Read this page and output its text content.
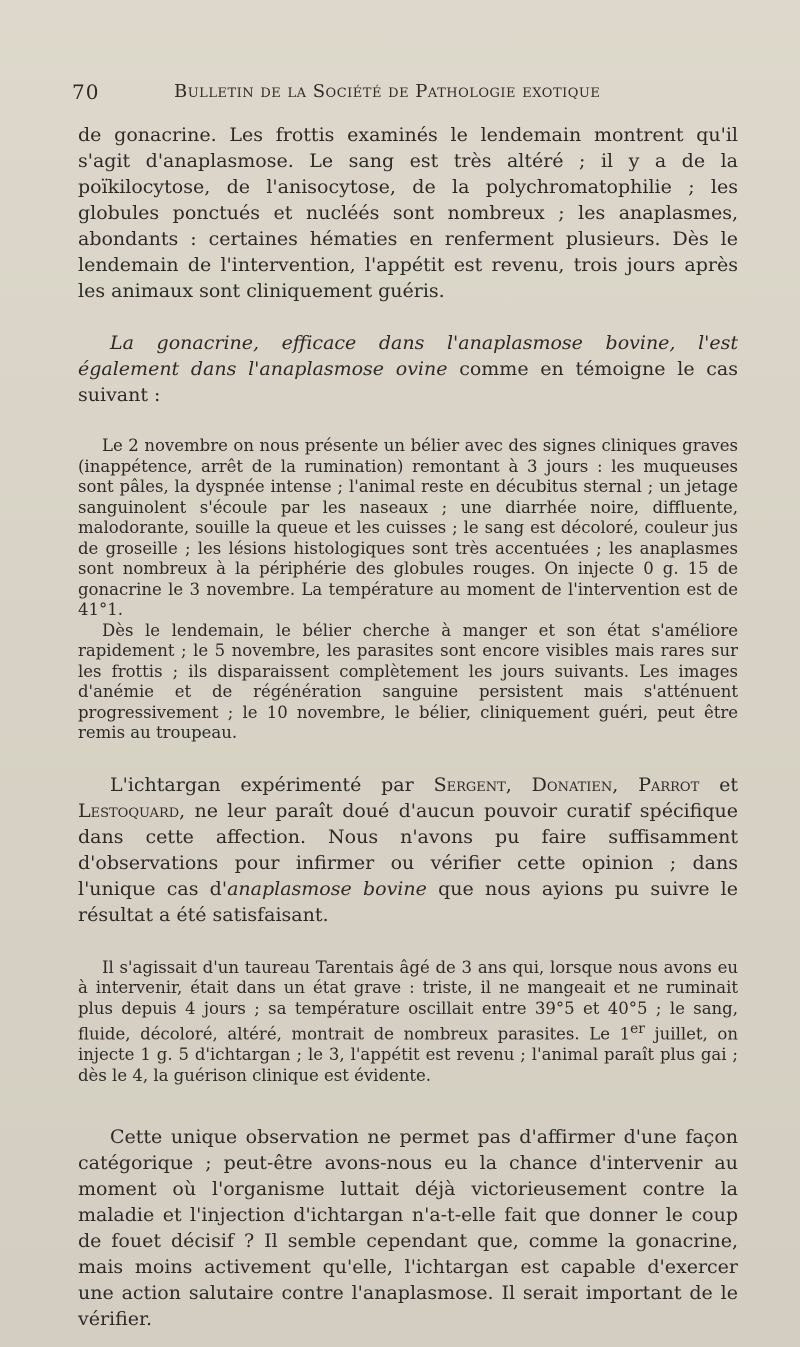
70	Bulletin de la Société de Pathologie exotique

de gonacrine. Les frottis examinés le lendemain montrent qu'il s'agit d'anaplasmose. Le sang est très altéré ; il y a de la poïkilocytose, de l'anisocytose, de la polychromatophilie ; les globules ponctués et nucléés sont nombreux ; les anaplasmes, abondants : certaines hématies en renferment plusieurs. Dès le lendemain de l'intervention, l'appétit est revenu, trois jours après les animaux sont cliniquement guéris.

La gonacrine, efficace dans l'anaplasmose bovine, l'est également dans l'anaplasmose ovine comme en témoigne le cas suivant :

Le 2 novembre on nous présente un bélier avec des signes cliniques graves (inappétence, arrêt de la rumination) remontant à 3 jours : les muqueuses sont pâles, la dyspnée intense ; l'animal reste en décubitus sternal ; un jetage sanguinolent s'écoule par les naseaux ; une diarrhée noire, diffluente, malodorante, souille la queue et les cuisses ; le sang est décoloré, couleur jus de groseille ; les lésions histologiques sont très accentuées ; les anaplasmes sont nombreux à la périphérie des globules rouges. On injecte 0 g. 15 de gonacrine le 3 novembre. La température au moment de l'intervention est de 41°1.

Dès le lendemain, le bélier cherche à manger et son état s'améliore rapidement ; le 5 novembre, les parasites sont encore visibles mais rares sur les frottis ; ils disparaissent complètement les jours suivants. Les images d'anémie et de régénération sanguine persistent mais s'atténuent progressivement ; le 10 novembre, le bélier, cliniquement guéri, peut être remis au troupeau.

L'ichtargan expérimenté par Sergent, Donatien, Parrot et Lestoquard, ne leur paraît doué d'aucun pouvoir curatif spécifique dans cette affection. Nous n'avons pu faire suffisamment d'observations pour infirmer ou vérifier cette opinion ; dans l'unique cas d'anaplasmose bovine que nous ayions pu suivre le résultat a été satisfaisant.

Il s'agissait d'un taureau Tarentais âgé de 3 ans qui, lorsque nous avons eu à intervenir, était dans un état grave : triste, il ne mangeait et ne ruminait plus depuis 4 jours ; sa température oscillait entre 39°5 et 40°5 ; le sang, fluide, décoloré, altéré, montrait de nombreux parasites. Le 1er juillet, on injecte 1 g. 5 d'ichtargan ; le 3, l'appétit est revenu ; l'animal paraît plus gai ; dès le 4, la guérison clinique est évidente.

Cette unique observation ne permet pas d'affirmer d'une façon catégorique ; peut-être avons-nous eu la chance d'intervenir au moment où l'organisme luttait déjà victorieusement contre la maladie et l'injection d'ichtargan n'a-t-elle fait que donner le coup de fouet décisif ? Il semble cependant que, comme la gonacrine, mais moins activement qu'elle, l'ichtargan est capable d'exercer une action salutaire contre l'anaplasmose. Il serait important de le vérifier.
